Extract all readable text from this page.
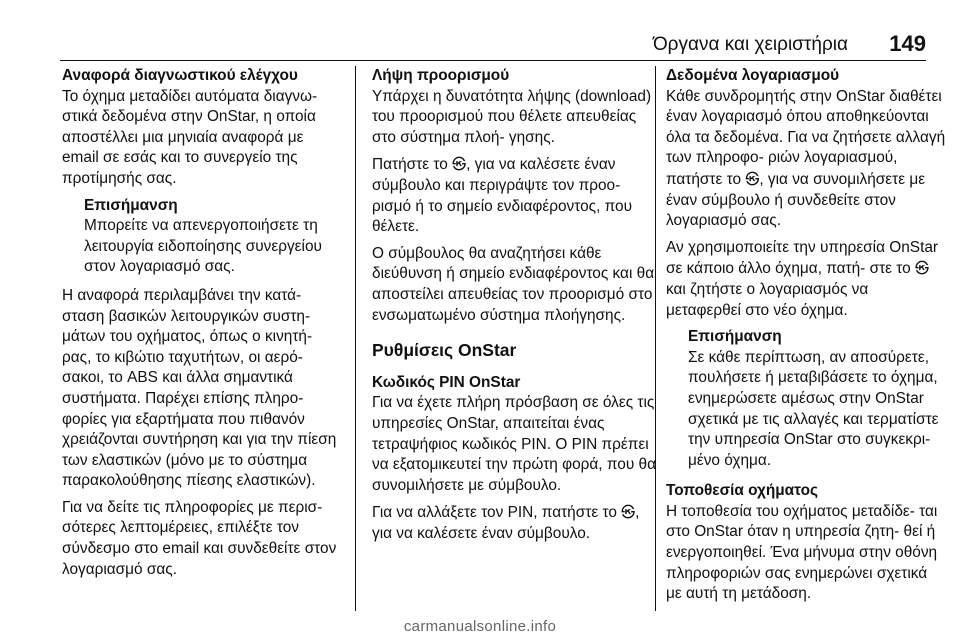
Όργανα και χειριστήρια 149
Αναφορά διαγνωστικού ελέγχου

Το όχημα μεταδίδει αυτόματα διαγνω- στικά δεδομένα στην OnStar, η οποία αποστέλλει μια μηνιαία αναφορά με email σε εσάς και το συνεργείο της προτίμησής σας.

Επισήμανση
Μπορείτε να απενεργοποιήσετε τη λειτουργία ειδοποίησης συνεργείου στον λογαριασμό σας.

Η αναφορά περιλαμβάνει την κατά- σταση βασικών λειτουργικών συστη- μάτων του οχήματος, όπως ο κινητή- ρας, το κιβώτιο ταχυτήτων, οι αερό- σακοι, το ABS και άλλα σημαντικά συστήματα. Παρέχει επίσης πληρο- φορίες για εξαρτήματα που πιθανόν χρειάζονται συντήρηση και για την πίεση των ελαστικών (μόνο με το σύστημα παρακολούθησης πίεσης ελαστικών).

Για να δείτε τις πληροφορίες με περισ- σότερες λεπτομέρειες, επιλέξτε τον σύνδεσμο στο email και συνδεθείτε στον λογαριασμό σας.

Λήψη προορισμού

Υπάρχει η δυνατότητα λήψης (download) του προορισμού που θέλετε απευθείας στο σύστημα πλοή- γησης.

Πατήστε το ㉿, για να καλέσετε έναν σύμβουλο και περιγράψτε τον προο- ρισμό ή το σημείο ενδιαφέροντος, που θέλετε.

Ο σύμβουλος θα αναζητήσει κάθε διεύθυνση ή σημείο ενδιαφέροντος και θα αποστείλει απευθείας τον προορισμό στο ενσωματωμένο σύστημα πλοήγησης.

Ρυθμίσεις OnStar
Κωδικός PIN OnStar

Για να έχετε πλήρη πρόσβαση σε όλες τις υπηρεσίες OnStar, απαιτείται ένας τετραψήφιος κωδικός PIN. Ο PIN πρέπει να εξατομικευτεί την πρώτη φορά, που θα συνομιλήσετε με σύμβουλο.

Για να αλλάξετε τον PIN, πατήστε το ㉿, για να καλέσετε έναν σύμβουλο.

Δεδομένα λογαριασμού

Κάθε συνδρομητής στην OnStar διαθέτει έναν λογαριασμό όπου αποθηκεύονται όλα τα δεδομένα. Για να ζητήσετε αλλαγή των πληροφο- ριών λογαριασμού, πατήστε το ㉿, για να συνομιλήσετε με έναν σύμβουλο ή συνδεθείτε στον λογαριασμό σας.

Αν χρησιμοποιείτε την υπηρεσία OnStar σε κάποιο άλλο όχημα, πατή- στε το ㉿ και ζητήστε ο λογαριασμός να μεταφερθεί στο νέο όχημα.

Επισήμανση
Σε κάθε περίπτωση, αν αποσύρετε, πουλήσετε ή μεταβιβάσετε το όχημα, ενημερώσετε αμέσως στην OnStar σχετικά με τις αλλαγές και τερματίστε την υπηρεσία OnStar στο συγκεκρι- μένο όχημα.
Τοποθεσία οχήματος

Η τοποθεσία του οχήματος μεταδίδε- ται στο OnStar όταν η υπηρεσία ζητη- θεί ή ενεργοποιηθεί. Ένα μήνυμα στην οθόνη πληροφοριών σας ενημερώνει σχετικά με αυτή τη μετάδοση.

carmanualsonline.info
